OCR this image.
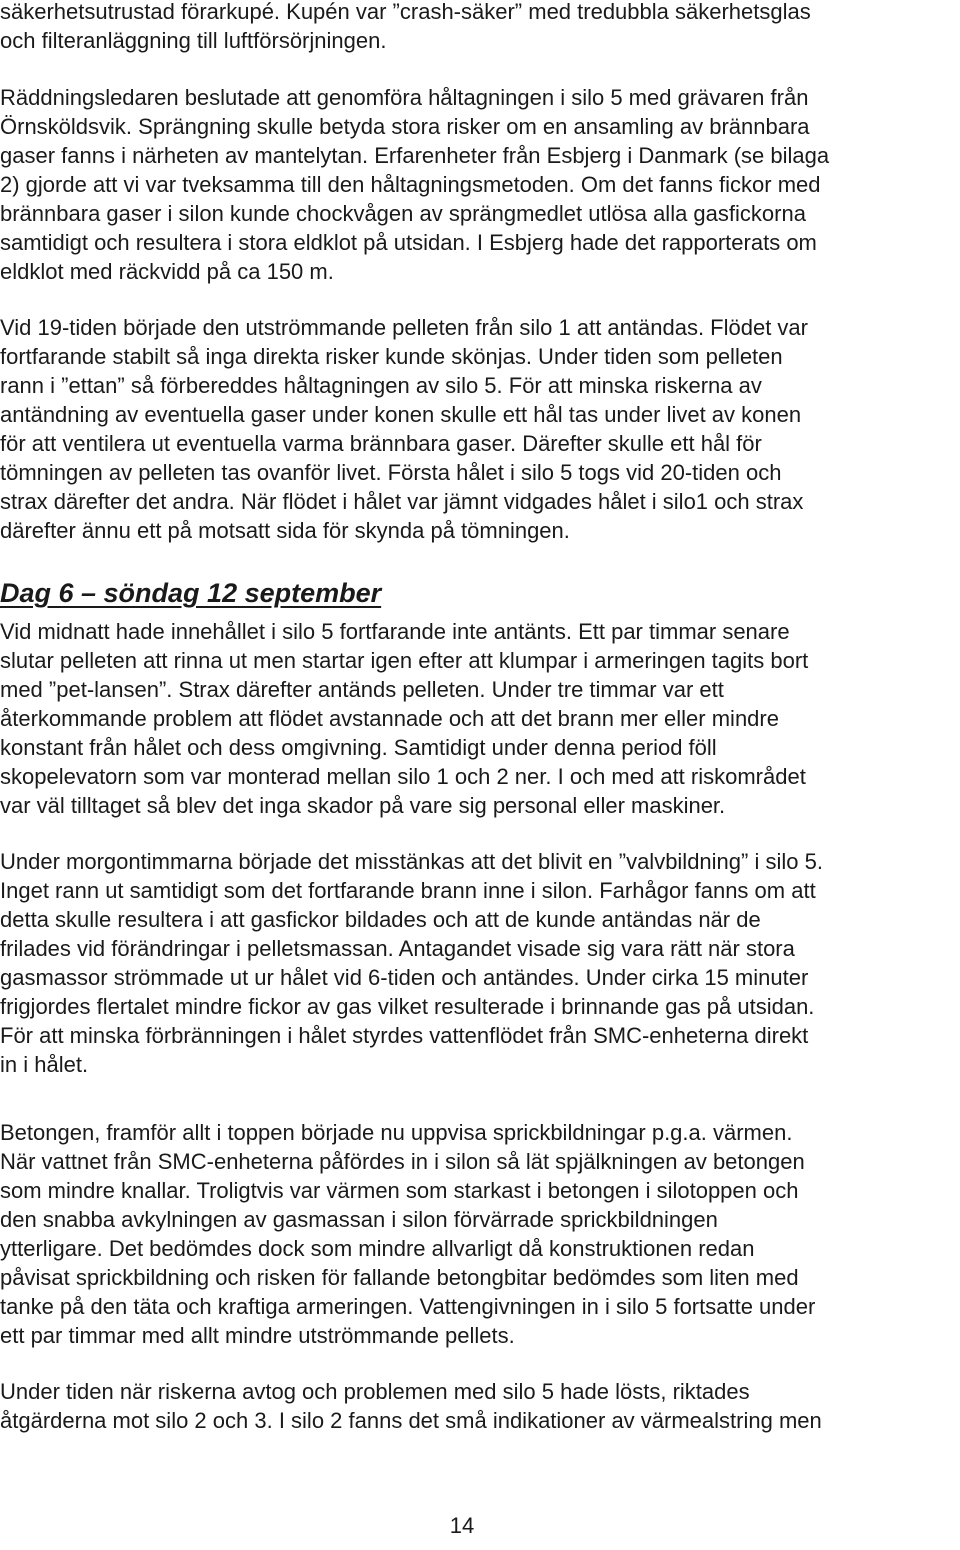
säkerhetsutrustad förarkupé. Kupén var ”crash-säker” med tredubbla säkerhetsglas
och filteranläggning till luftförsörjningen.
Räddningsledaren beslutade att genomföra håltagningen i silo 5 med grävaren från
Örnsköldsvik. Sprängning skulle betyda stora risker om en ansamling av brännbara
gaser fanns i närheten av mantelytan. Erfarenheter från Esbjerg i Danmark (se bilaga
2) gjorde att vi var tveksamma till den håltagningsmetoden. Om det fanns fickor med
brännbara gaser i silon kunde chockvågen av sprängmedlet utlösa alla gasfickorna
samtidigt och resultera i stora eldklot på utsidan. I Esbjerg hade det rapporterats om
eldklot med räckvidd på ca 150 m.
Vid 19-tiden började den utströmmande pelleten från silo 1 att antändas. Flödet var
fortfarande stabilt så inga direkta risker kunde skönjas. Under tiden som pelleten
rann i ”ettan” så förbereddes håltagningen av silo 5. För att minska riskerna av
antändning av eventuella gaser under konen skulle ett hål tas under livet av konen
för att ventilera ut eventuella varma brännbara gaser. Därefter skulle ett hål för
tömningen av pelleten tas ovanför livet. Första hålet i silo 5 togs vid 20-tiden och
strax därefter det andra. När flödet i hålet var jämnt vidgades hålet i silo1 och strax
därefter ännu ett på motsatt sida för skynda på tömningen.
Dag 6 – söndag 12 september
Vid midnatt hade innehållet i silo 5 fortfarande inte antänts. Ett par timmar senare
slutar pelleten att rinna ut men startar igen efter att klumpar i armeringen tagits bort
med ”pet-lansen”. Strax därefter antänds pelleten. Under tre timmar var ett
återkommande problem att flödet avstannade och att det brann mer eller mindre
konstant från hålet och dess omgivning. Samtidigt under denna period föll
skopelevatorn som var monterad mellan silo 1 och 2 ner. I och med att riskområdet
var väl tilltaget så blev det inga skador på vare sig personal eller maskiner.
Under morgontimmarna började det misstänkas att det blivit en ”valvbildning” i silo 5.
Inget rann ut samtidigt som det fortfarande brann inne i silon. Farhågor fanns om att
detta skulle resultera i att gasfickor bildades och att de kunde antändas när de
frilades vid förändringar i pelletsmassan. Antagandet visade sig vara rätt när stora
gasmassor strömmade ut ur hålet vid 6-tiden och antändes. Under cirka 15 minuter
frigjordes flertalet mindre fickor av gas vilket resulterade i brinnande gas på utsidan.
För att minska förbränningen i hålet styrdes vattenflödet från SMC-enheterna direkt
in i hålet.
Betongen, framför allt i toppen började nu uppvisa sprickbildningar p.g.a. värmen.
När vattnet från SMC-enheterna påfördes in i silon så lät spjälkningen av betongen
som mindre knallar. Troligtvis var värmen som starkast i betongen i silotoppen och
den snabba avkylningen av gasmassan i silon förvärrade sprickbildningen
ytterligare. Det bedömdes dock som mindre allvarligt då konstruktionen redan
påvisat sprickbildning och risken för fallande betongbitar bedömdes som liten med
tanke på den täta och kraftiga armeringen. Vattengivningen in i silo 5 fortsatte under
ett par timmar med allt mindre utströmmande pellets.
Under tiden när riskerna avtog och problemen med silo 5 hade lösts, riktades
åtgärderna mot silo 2 och 3. I silo 2 fanns det små indikationer av värmealstring men
14
